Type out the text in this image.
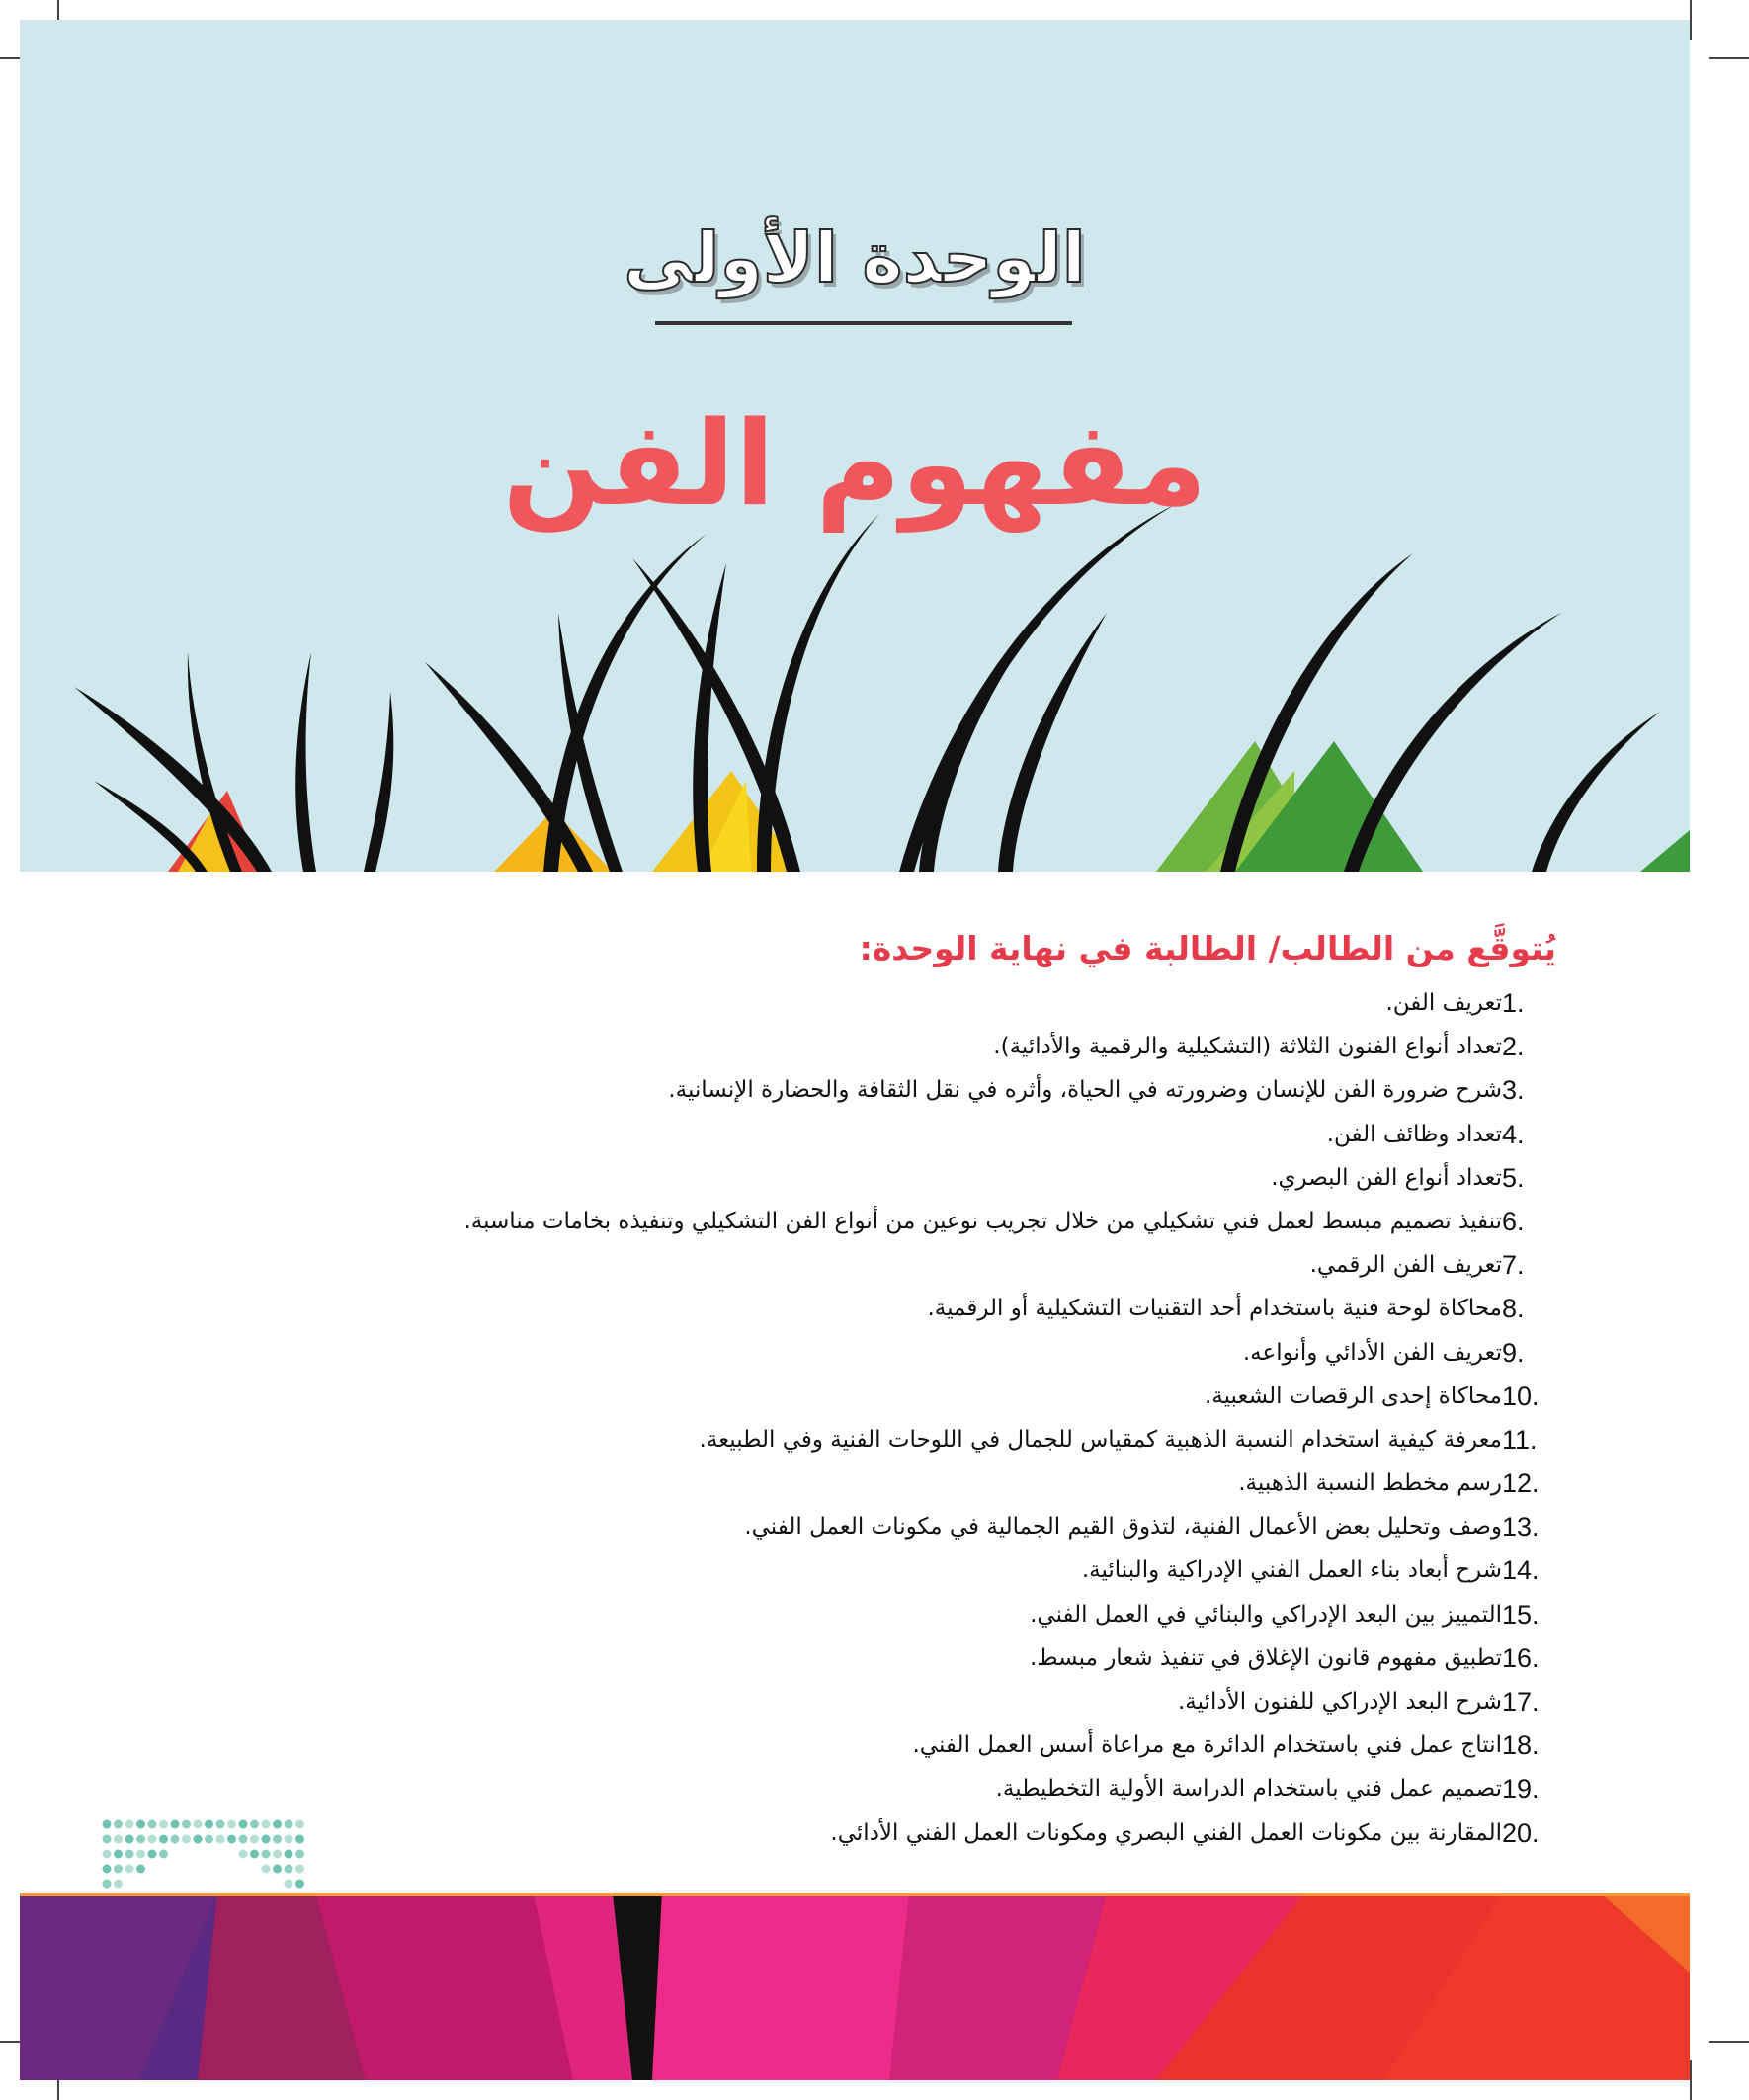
الوحدة الأولى
مفهوم الفن
يُتوقَّع من الطالب/ الطالبة في نهاية الوحدة:
1.
تعريف الفن.
2.
تعداد أنواع الفنون الثلاثة (التشكيلية والرقمية والأدائية).
3.
شرح ضرورة الفن للإنسان وضرورته في الحياة، وأثره في نقل الثقافة والحضارة الإنسانية.
4.
تعداد وظائف الفن.
5.
تعداد أنواع الفن البصري.
6.
تنفيذ تصميم مبسط لعمل فني تشكيلي من خلال تجريب نوعين من أنواع الفن التشكيلي وتنفيذه بخامات مناسبة.
7.
تعريف الفن الرقمي.
8.
محاكاة لوحة فنية باستخدام أحد التقنيات التشكيلية أو الرقمية.
9.
تعريف الفن الأدائي وأنواعه.
10.
محاكاة إحدى الرقصات الشعبية.
11.
معرفة كيفية استخدام النسبة الذهبية كمقياس للجمال في اللوحات الفنية وفي الطبيعة.
12.
رسم مخطط النسبة الذهبية.
13.
وصف وتحليل بعض الأعمال الفنية، لتذوق القيم الجمالية في مكونات العمل الفني.
14.
شرح أبعاد بناء العمل الفني الإدراكية والبنائية.
15.
التمييز بين البعد الإدراكي والبنائي في العمل الفني.
16.
تطبيق مفهوم قانون الإغلاق في تنفيذ شعار مبسط.
17.
شرح البعد الإدراكي للفنون الأدائية.
18.
انتاج عمل فني باستخدام الدائرة مع مراعاة أسس العمل الفني.
19.
تصميم عمل فني باستخدام الدراسة الأولية التخطيطية.
20.
المقارنة بين مكونات العمل الفني البصري ومكونات العمل الفني الأدائي.
